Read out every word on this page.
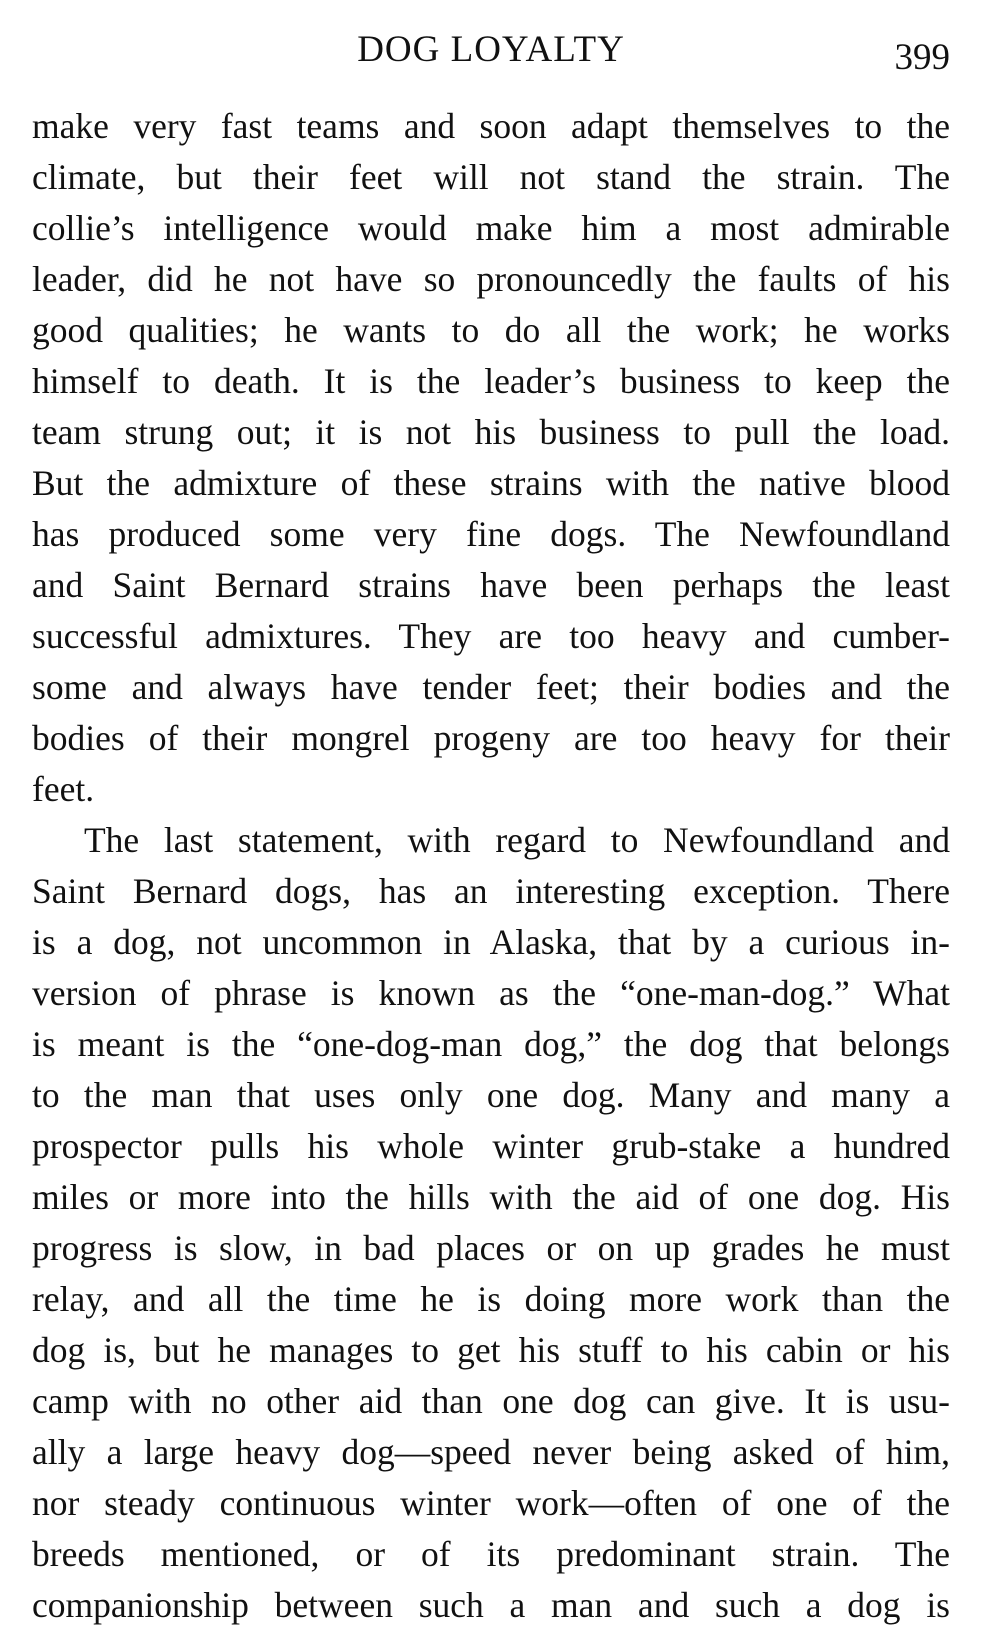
DOG LOYALTY	399
make very fast teams and soon adapt themselves to the
climate, but their feet will not stand the strain. The
collie’s intelligence would make him a most admirable
leader, did he not have so pronouncedly the faults of his
good qualities; he wants to do all the work; he works
himself to death. It is the leader’s business to keep the
team strung out; it is not his business to pull the load.
But the admixture of these strains with the native blood
has produced some very fine dogs. The Newfoundland
and Saint Bernard strains have been perhaps the least
successful admixtures. They are too heavy and cumber-
some and always have tender feet; their bodies and the
bodies of their mongrel progeny are too heavy for their
feet.
The last statement, with regard to Newfoundland and
Saint Bernard dogs, has an interesting exception. There
is a dog, not uncommon in Alaska, that by a curious in-
version of phrase is known as the “one-man-dog.” What
is meant is the “one-dog-man dog,” the dog that belongs
to the man that uses only one dog. Many and many a
prospector pulls his whole winter grub-stake a hundred
miles or more into the hills with the aid of one dog. His
progress is slow, in bad places or on up grades he must
relay, and all the time he is doing more work than the
dog is, but he manages to get his stuff to his cabin or his
camp with no other aid than one dog can give. It is usu-
ally a large heavy dog—speed never being asked of him,
nor steady continuous winter work—often of one of the
breeds mentioned, or of its predominant strain. The
companionship between such a man and such a dog is
